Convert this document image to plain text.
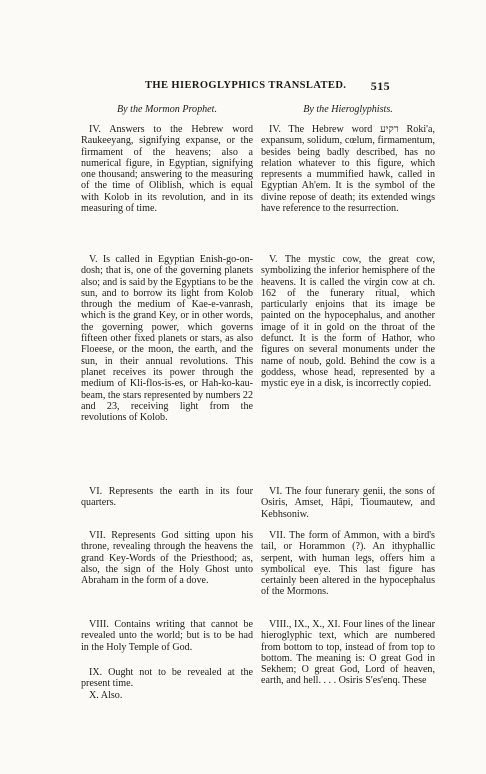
THE HIEROGLYPHICS TRANSLATED. 515
By the Mormon Prophet.
IV. Answers to the Hebrew word Raukeeyang, signifying expanse, or the firmament of the heavens; also a numerical figure, in Egyptian, signifying one thousand; answering to the measuring of the time of Oliblish, which is equal with Kolob in its revolution, and in its measuring of time.
V. Is called in Egyptian Enish-go-on-dosh; that is, one of the governing planets also; and is said by the Egyptians to be the sun, and to borrow its light from Kolob through the medium of Kae-e-vanrash, which is the grand Key, or in other words, the governing power, which governs fifteen other fixed planets or stars, as also Floeese, or the moon, the earth, and the sun, in their annual revolutions. This planet receives its power through the medium of Kli-flos-is-es, or Hah-ko-kau-beam, the stars represented by numbers 22 and 23, receiving light from the revolutions of Kolob.
VI. Represents the earth in its four quarters.
VII. Represents God sitting upon his throne, revealing through the heavens the grand Key-Words of the Priesthood; as, also, the sign of the Holy Ghost unto Abraham in the form of a dove.
VIII. Contains writing that cannot be revealed unto the world; but is to be had in the Holy Temple of God.
IX. Ought not to be revealed at the present time.
X. Also.
By the Hieroglyphists.
IV. The Hebrew word רקיע Roki'a, expansum, solidum, cœlum, firmamentum, besides being badly described, has no relation whatever to this figure, which represents a mummified hawk, called in Egyptian Ah'em. It is the symbol of the divine repose of death; its extended wings have reference to the resurrection.
V. The mystic cow, the great cow, symbolizing the inferior hemisphere of the heavens. It is called the virgin cow at ch. 162 of the funerary ritual, which particularly enjoins that its image be painted on the hypocephalus, and another image of it in gold on the throat of the defunct. It is the form of Hathor, who figures on several monuments under the name of noub, gold. Behind the cow is a goddess, whose head, represented by a mystic eye in a disk, is incorrectly copied.
VI. The four funerary genii, the sons of Osiris, Amset, Hâpi, Tioumautew, and Kebhsoniw.
VII. The form of Ammon, with a bird's tail, or Horammon (?). An ithyphallic serpent, with human legs, offers him a symbolical eye. This last figure has certainly been altered in the hypocephalus of the Mormons.
VIII., IX., X., XI. Four lines of the linear hieroglyphic text, which are numbered from bottom to top, instead of from top to bottom. The meaning is: O great God in Sekhem; O great God, Lord of heaven, earth, and hell. . . . Osiris S'es'enq. These
